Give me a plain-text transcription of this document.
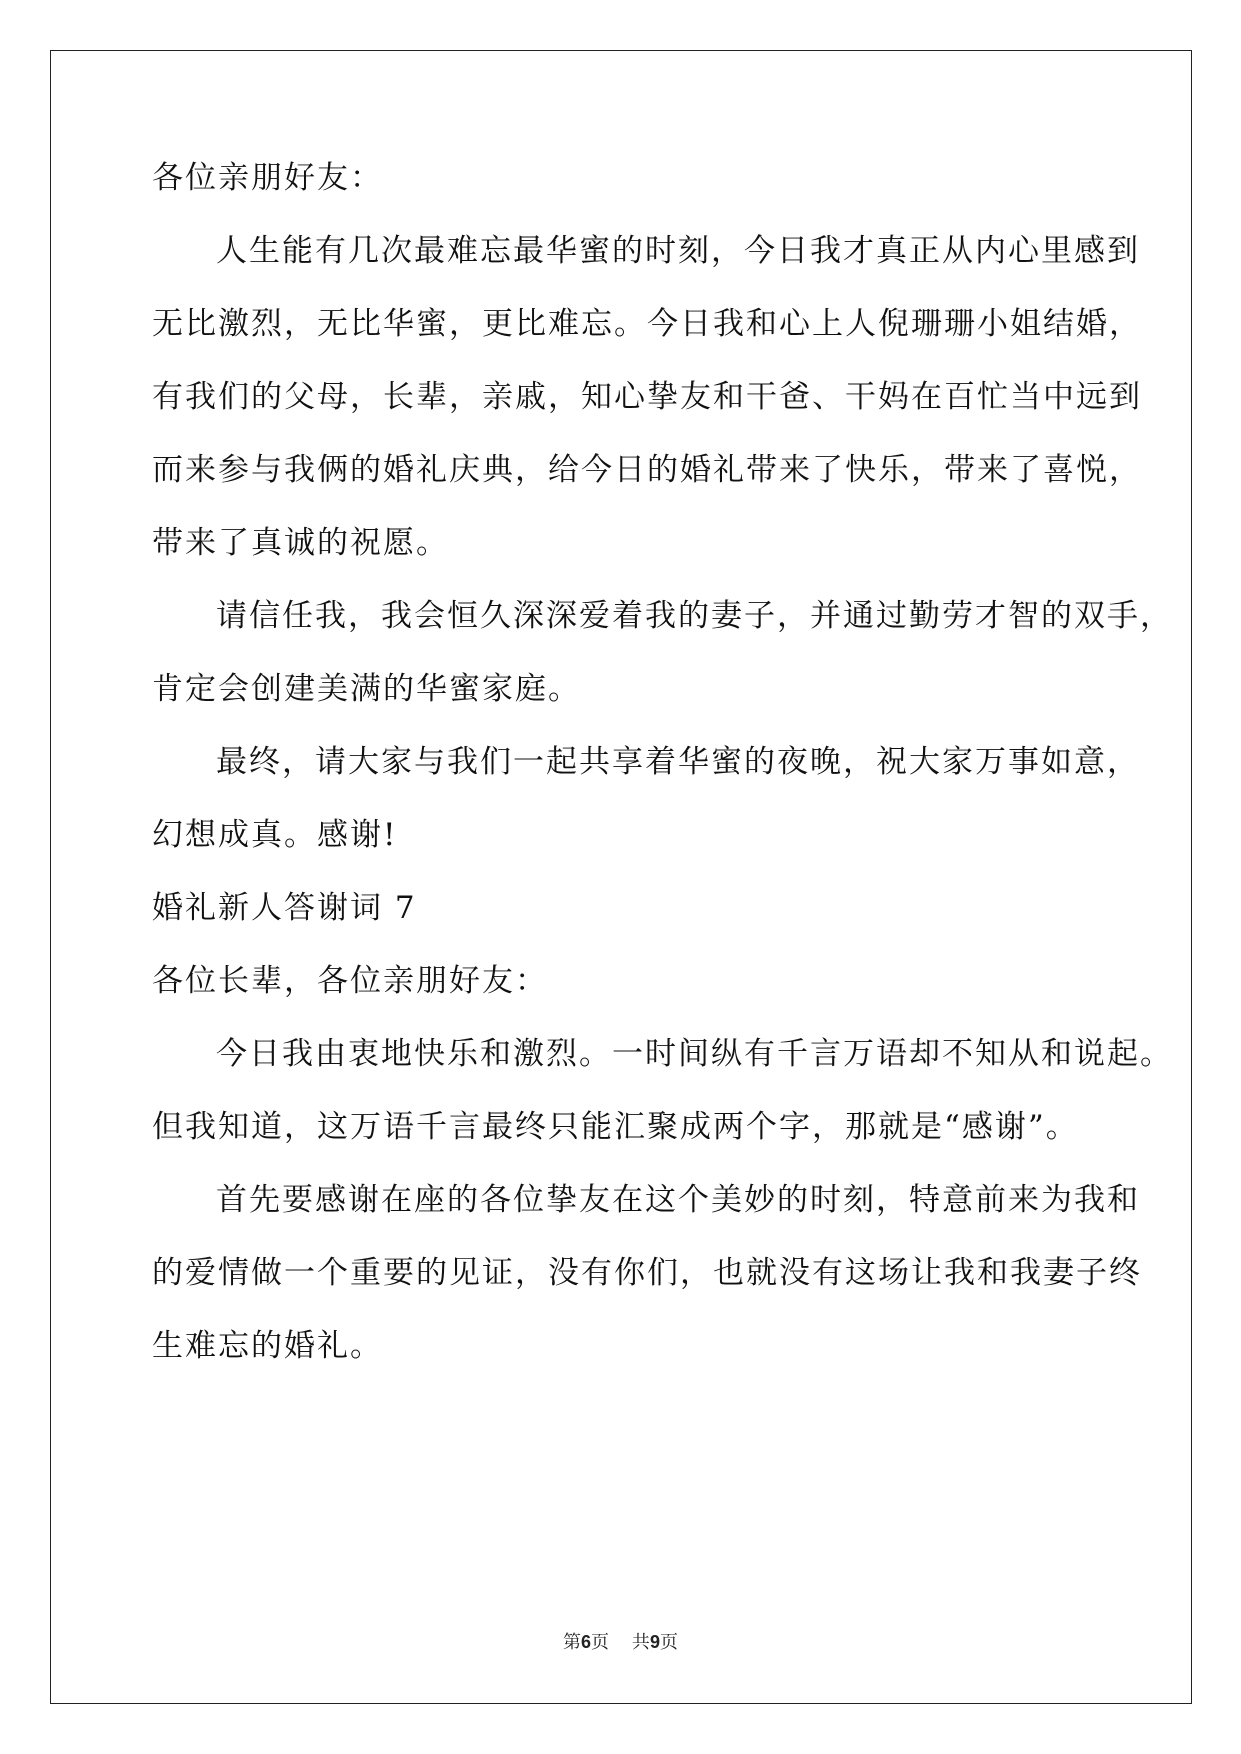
各位亲朋好友：
人生能有几次最难忘最华蜜的时刻，今日我才真正从内心里感到
无比激烈，无比华蜜，更比难忘。今日我和心上人倪珊珊小姐结婚，
有我们的父母，长辈，亲戚，知心挚友和干爸、干妈在百忙当中远到
而来参与我俩的婚礼庆典，给今日的婚礼带来了快乐，带来了喜悦，
带来了真诚的祝愿。
请信任我，我会恒久深深爱着我的妻子，并通过勤劳才智的双手，
肯定会创建美满的华蜜家庭。
最终，请大家与我们一起共享着华蜜的夜晚，祝大家万事如意，
幻想成真。感谢!
婚礼新人答谢词 7
各位长辈，各位亲朋好友：
今日我由衷地快乐和激烈。一时间纵有千言万语却不知从和说起。
但我知道，这万语千言最终只能汇聚成两个字，那就是“感谢”。
首先要感谢在座的各位挚友在这个美妙的时刻，特意前来为我和
的爱情做一个重要的见证，没有你们，也就没有这场让我和我妻子终
生难忘的婚礼。
第6页    共9页
